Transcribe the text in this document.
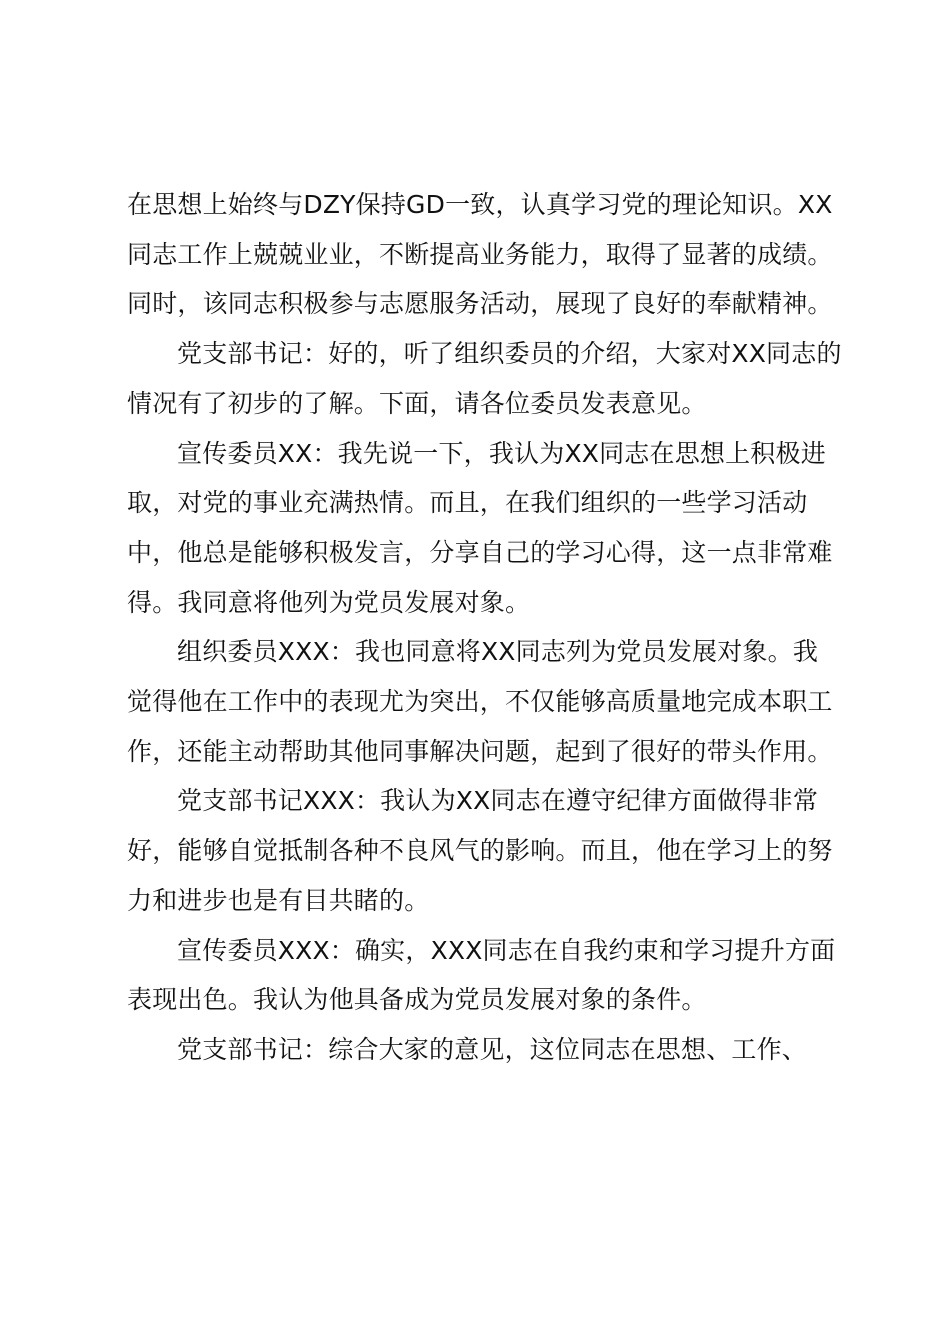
在思想上始终与DZY保持GD一致，认真学习党的理论知识。XX同志工作上兢兢业业，不断提高业务能力，取得了显著的成绩。同时，该同志积极参与志愿服务活动，展现了良好的奉献精神。

党支部书记：好的，听了组织委员的介绍，大家对XX同志的情况有了初步的了解。下面，请各位委员发表意见。

宣传委员XX：我先说一下，我认为XX同志在思想上积极进取，对党的事业充满热情。而且，在我们组织的一些学习活动中，他总是能够积极发言，分享自己的学习心得，这一点非常难得。我同意将他列为党员发展对象。

组织委员XXX：我也同意将XX同志列为党员发展对象。我觉得他在工作中的表现尤为突出，不仅能够高质量地完成本职工作，还能主动帮助其他同事解决问题，起到了很好的带头作用。

党支部书记XXX：我认为XX同志在遵守纪律方面做得非常好，能够自觉抵制各种不良风气的影响。而且，他在学习上的努力和进步也是有目共睹的。

宣传委员XXX：确实，XXX同志在自我约束和学习提升方面表现出色。我认为他具备成为党员发展对象的条件。

党支部书记：综合大家的意见，这位同志在思想、工作、
